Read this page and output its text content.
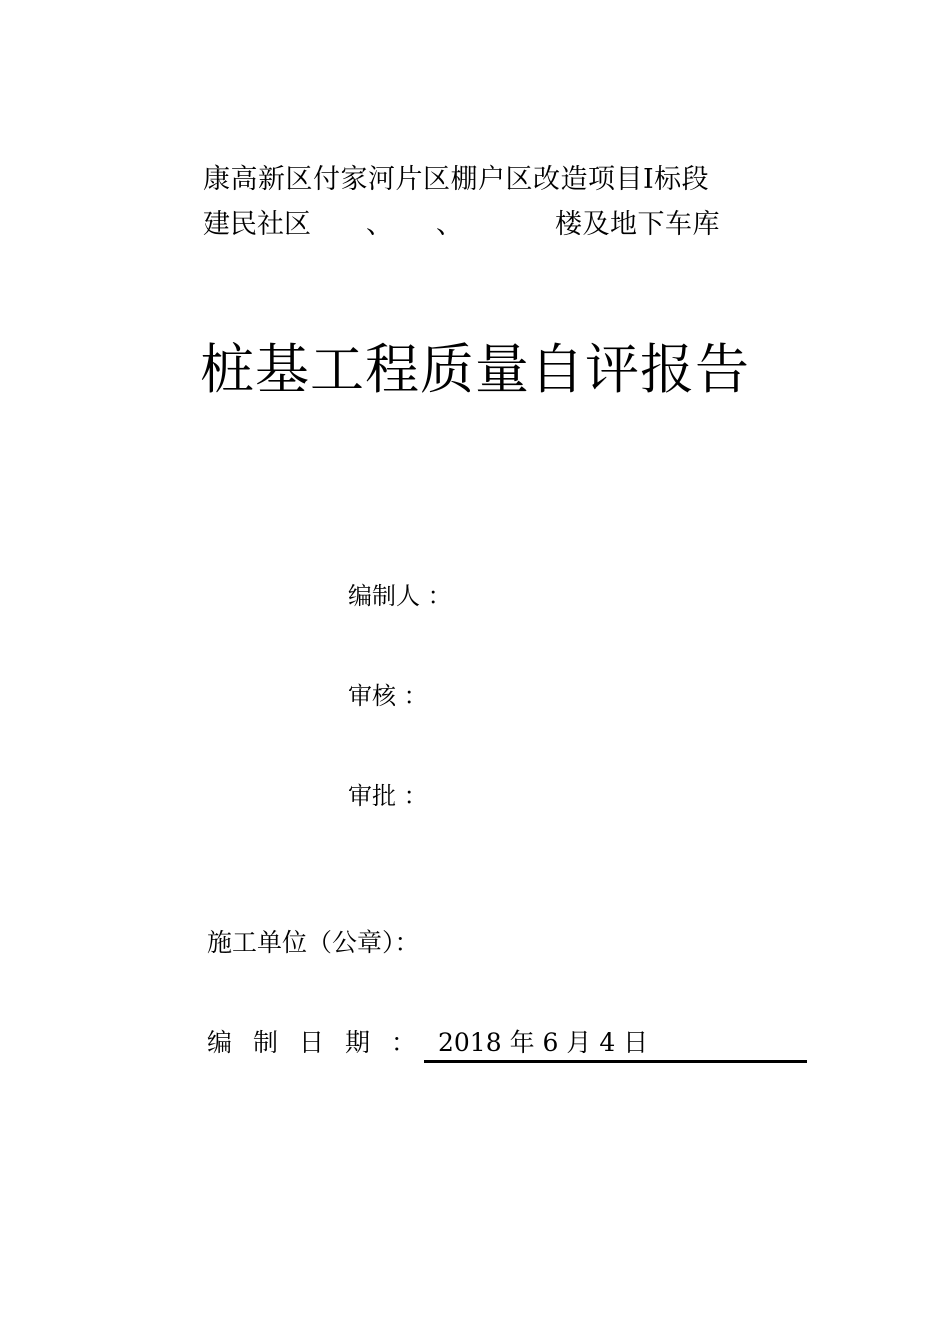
康高新区付家河片区棚户区改造项目Ⅰ标段
建民社区 、 、	楼及地下车库
桩基工程质量自评报告
编制人 ：
审核 ：
审批 ：
施工单位（公章）：
编制日期： 2018 年 6 月 4 日
